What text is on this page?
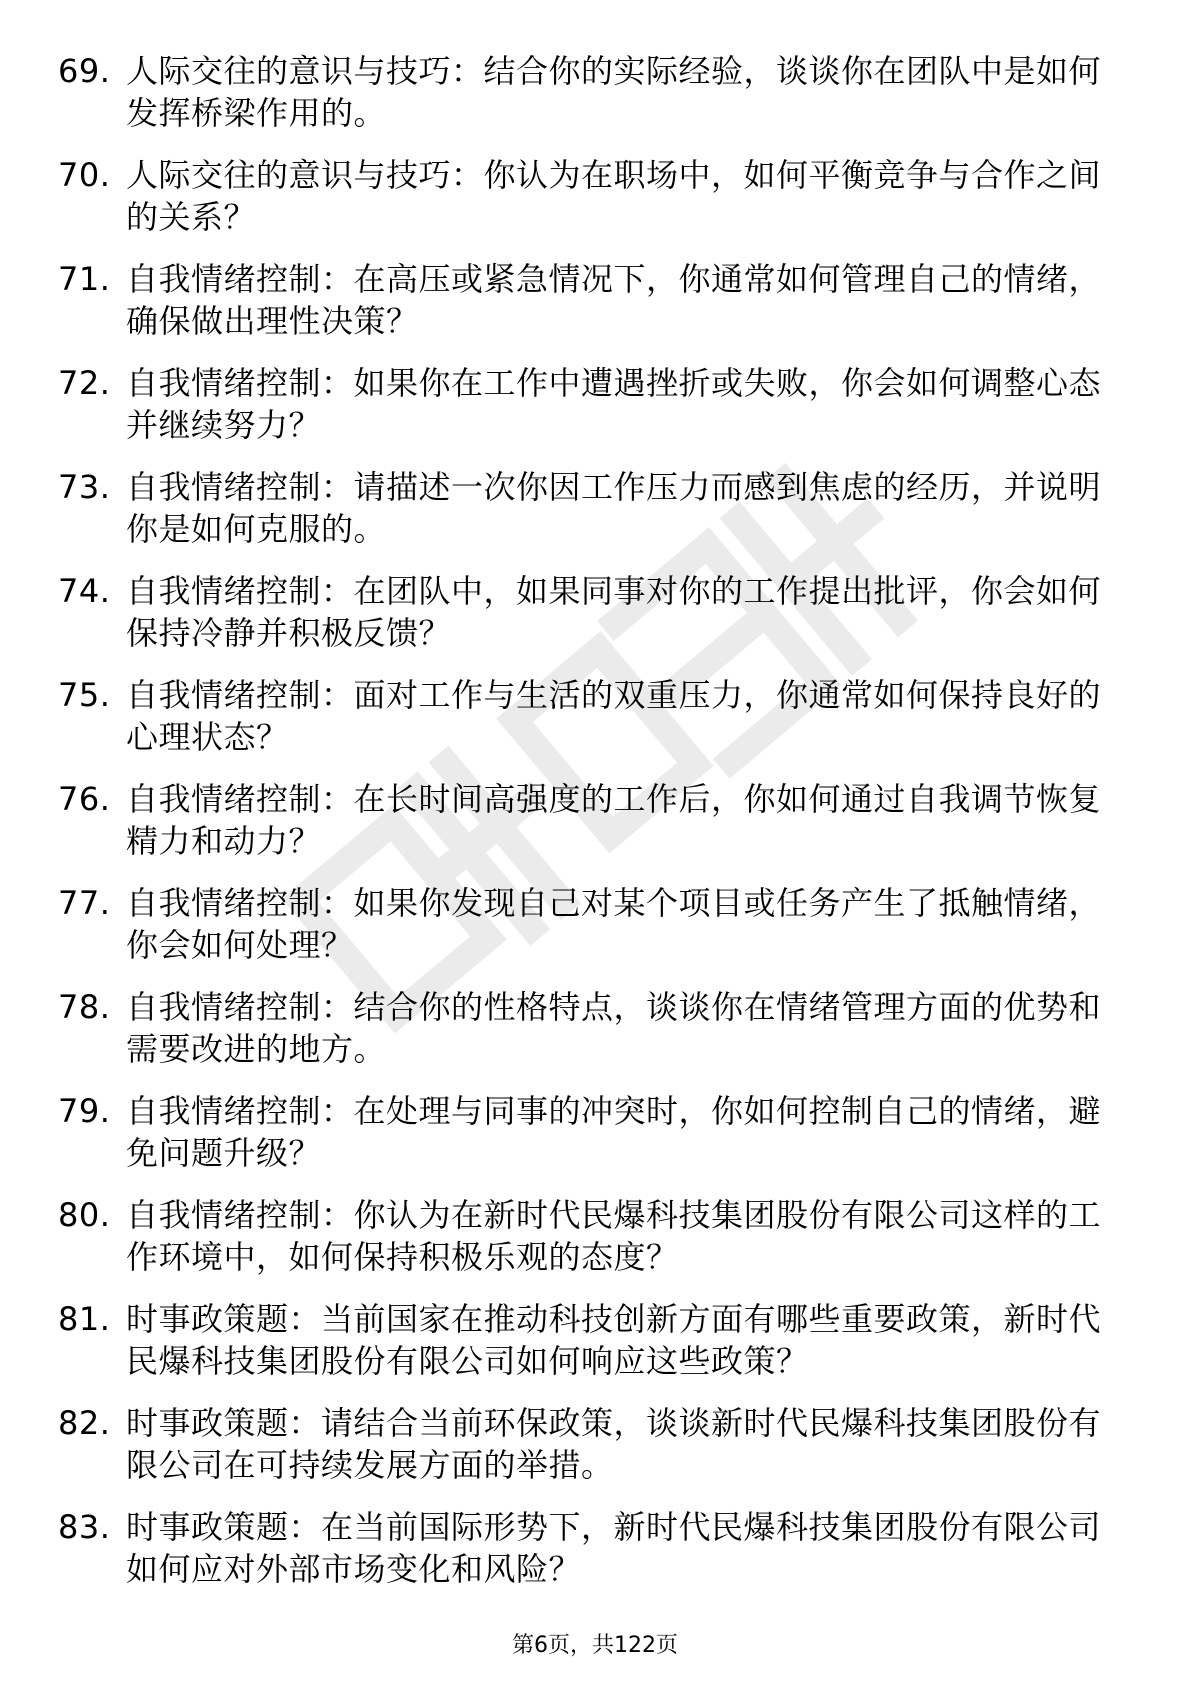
69. 人际交往的意识与技巧：结合你的实际经验，谈谈你在团队中是如何发挥桥梁作用的。
70. 人际交往的意识与技巧：你认为在职场中，如何平衡竞争与合作之间的关系？
71. 自我情绪控制：在高压或紧急情况下，你通常如何管理自己的情绪，确保做出理性决策？
72. 自我情绪控制：如果你在工作中遭遇挫折或失败，你会如何调整心态并继续努力？
73. 自我情绪控制：请描述一次你因工作压力而感到焦虑的经历，并说明你是如何克服的。
74. 自我情绪控制：在团队中，如果同事对你的工作提出批评，你会如何保持冷静并积极反馈？
75. 自我情绪控制：面对工作与生活的双重压力，你通常如何保持良好的心理状态？
76. 自我情绪控制：在长时间高强度的工作后，你如何通过自我调节恢复精力和动力？
77. 自我情绪控制：如果你发现自己对某个项目或任务产生了抵触情绪，你会如何处理？
78. 自我情绪控制：结合你的性格特点，谈谈你在情绪管理方面的优势和需要改进的地方。
79. 自我情绪控制：在处理与同事的冲突时，你如何控制自己的情绪，避免问题升级？
80. 自我情绪控制：你认为在新时代民爆科技集团股份有限公司这样的工作环境中，如何保持积极乐观的态度？
81. 时事政策题：当前国家在推动科技创新方面有哪些重要政策，新时代民爆科技集团股份有限公司如何响应这些政策？
82. 时事政策题：请结合当前环保政策，谈谈新时代民爆科技集团股份有限公司在可持续发展方面的举措。
83. 时事政策题：在当前国际形势下，新时代民爆科技集团股份有限公司如何应对外部市场变化和风险？
第6页，共122页
